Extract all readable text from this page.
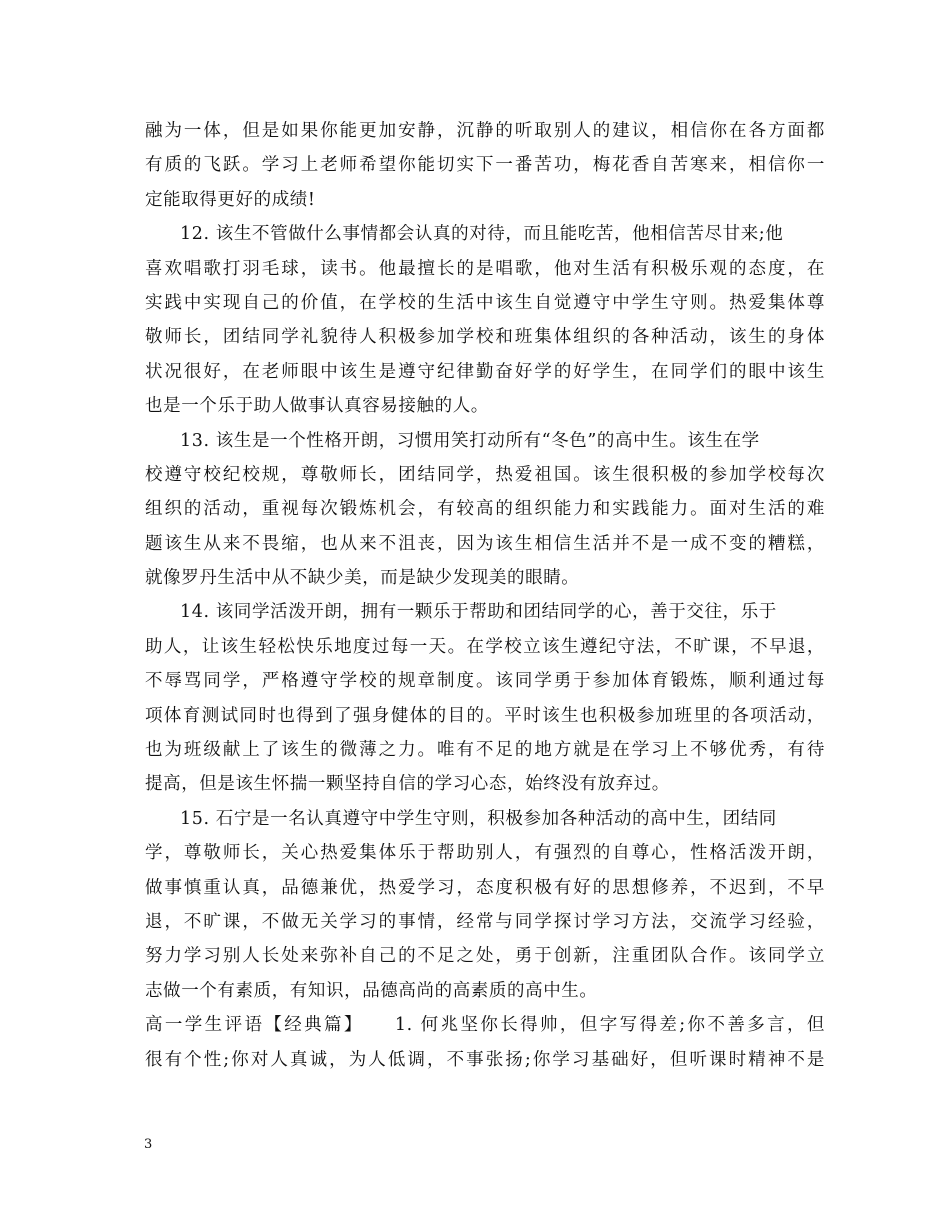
融为一体，但是如果你能更加安静，沉静的听取别人的建议，相信你在各方面都
有质的飞跃。学习上老师希望你能切实下一番苦功，梅花香自苦寒来，相信你一
定能取得更好的成绩!
12. 该生不管做什么事情都会认真的对待，而且能吃苦，他相信苦尽甘来;他
喜欢唱歌打羽毛球，读书。他最擅长的是唱歌，他对生活有积极乐观的态度，在
实践中实现自己的价值，在学校的生活中该生自觉遵守中学生守则。热爱集体尊
敬师长，团结同学礼貌待人积极参加学校和班集体组织的各种活动，该生的身体
状况很好，在老师眼中该生是遵守纪律勤奋好学的好学生，在同学们的眼中该生
也是一个乐于助人做事认真容易接触的人。
13. 该生是一个性格开朗，习惯用笑打动所有“冬色”的高中生。该生在学
校遵守校纪校规，尊敬师长，团结同学，热爱祖国。该生很积极的参加学校每次
组织的活动，重视每次锻炼机会，有较高的组织能力和实践能力。面对生活的难
题该生从来不畏缩，也从来不沮丧，因为该生相信生活并不是一成不变的糟糕，
就像罗丹生活中从不缺少美，而是缺少发现美的眼睛。
14. 该同学活泼开朗，拥有一颗乐于帮助和团结同学的心，善于交往，乐于
助人，让该生轻松快乐地度过每一天。在学校立该生遵纪守法，不旷课，不早退，
不辱骂同学，严格遵守学校的规章制度。该同学勇于参加体育锻炼，顺利通过每
项体育测试同时也得到了强身健体的目的。平时该生也积极参加班里的各项活动，
也为班级献上了该生的微薄之力。唯有不足的地方就是在学习上不够优秀，有待
提高，但是该生怀揣一颗坚持自信的学习心态，始终没有放弃过。
15. 石宁是一名认真遵守中学生守则，积极参加各种活动的高中生，团结同
学，尊敬师长，关心热爱集体乐于帮助别人，有强烈的自尊心，性格活泼开朗，
做事慎重认真，品德兼优，热爱学习，态度积极有好的思想修养，不迟到，不早
退，不旷课，不做无关学习的事情，经常与同学探讨学习方法，交流学习经验，
努力学习别人长处来弥补自己的不足之处，勇于创新，注重团队合作。该同学立
志做一个有素质，有知识，品德高尚的高素质的高中生。
高一学生评语【经典篇】　　1. 何兆坚你长得帅，但字写得差;你不善多言，但
很有个性;你对人真诚，为人低调，不事张扬;你学习基础好，但听课时精神不是
3
